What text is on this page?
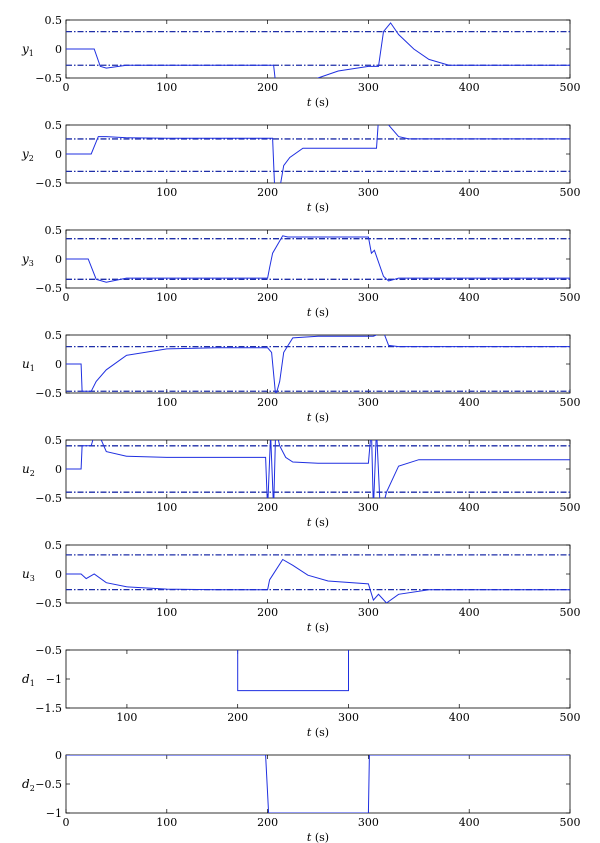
0	100	200	300	400	500
−0.5
0
0.5
$y_1$
t (s)
100	200	300	400	500
−0.5
0
0.5
$y_2$
t (s)
0	100	200	300	400	500
−0.5
0
0.5
$y_3$
t (s)
100	200	300	400	500
−0.5
0
0.5
$u_1$
t (s)
100	200	300	400	500
−0.5
0
0.5
$u_2$
t (s)
100	200	300	400	500
−0.5
0
0.5
$u_3$
t (s)
100	200	300	400	500
−1.5
−1
−0.5
$d_1$
t (s)
0	100	200	300	400	500
−1
−0.5
0
$d_2$
t (s)
